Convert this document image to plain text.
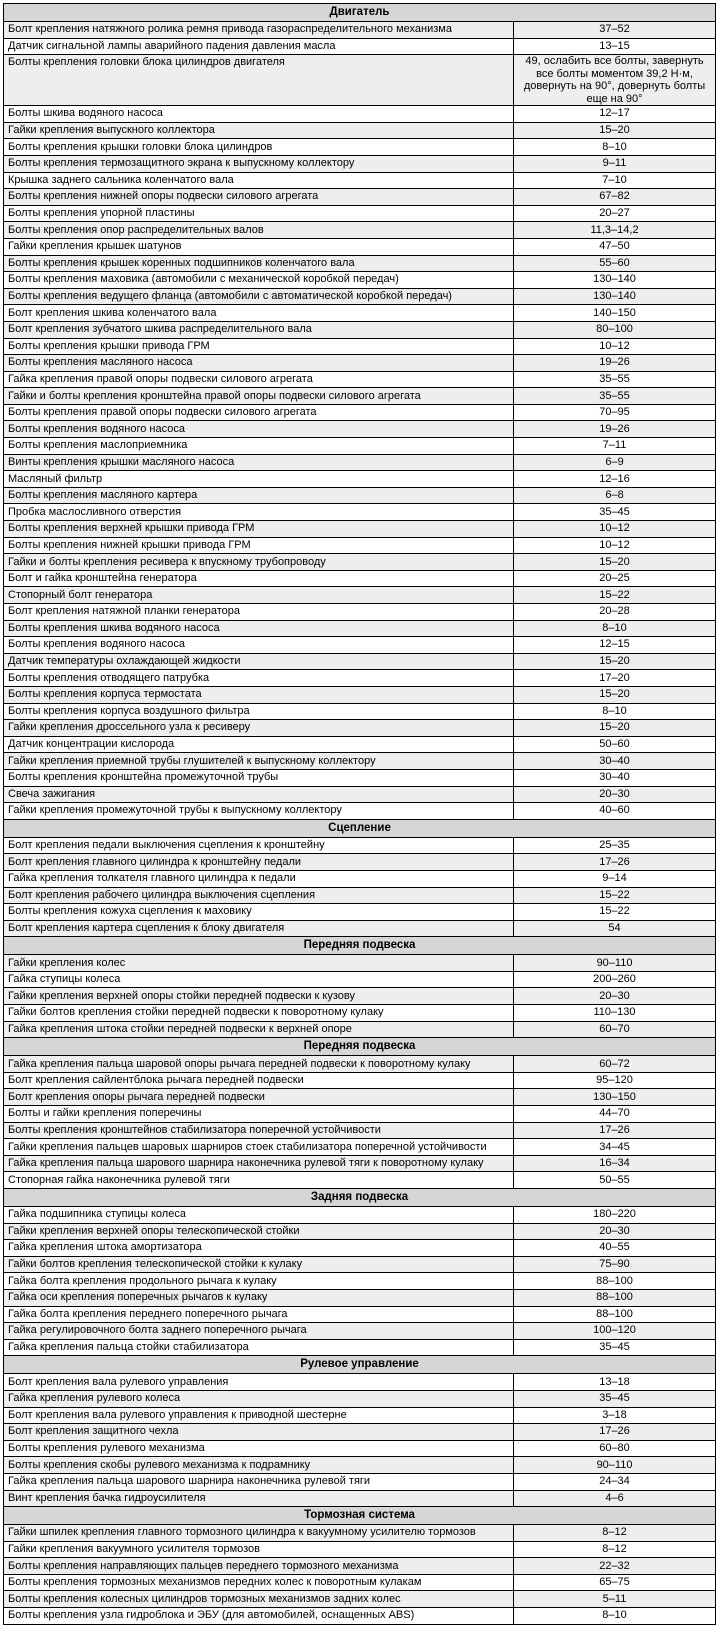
Двигатель	
Болт крепления натяжного ролика ремня привода газораспределительного механизма	37–52
Датчик сигнальной лампы аварийного падения давления масла	13–15
Болты крепления головки блока цилиндров двигателя	49, ослабить все болты, завернуть все болты моментом 39,2 Н·м, довернуть на 90°, довернуть болты еще на 90°
Болты шкива водяного насоса	12–17
Гайки крепления выпускного коллектора	15–20
Болты крепления крышки головки блока цилиндров	8–10
Болты крепления термозащитного экрана к выпускному коллектору	9–11
Крышка заднего сальника коленчатого вала	7–10
Болты крепления нижней опоры подвески силового агрегата	67–82
Болты крепления упорной пластины	20–27
Болты крепления опор распределительных валов	11,3–14,2
Гайки крепления крышек шатунов	47–50
Болты крепления крышек коренных подшипников коленчатого вала	55–60
Болты крепления маховика (автомобили с механической коробкой передач)	130–140
Болты крепления ведущего фланца (автомобили с автоматической коробкой передач)	130–140
Болт крепления шкива коленчатого вала	140–150
Болт крепления зубчатого шкива распределительного вала	80–100
Болты крепления крышки привода ГРМ	10–12
Болты крепления масляного насоса	19–26
Гайка крепления правой опоры подвески силового агрегата	35–55
Гайки и болты крепления кронштейна правой опоры подвески силового агрегата	35–55
Болты крепления правой опоры подвески силового агрегата	70–95
Болты крепления водяного насоса	19–26
Болты крепления маслоприемника	7–11
Винты крепления крышки масляного насоса	6–9
Масляный фильтр	12–16
Болты крепления масляного картера	6–8
Пробка маслосливного отверстия	35–45
Болты крепления верхней крышки привода ГРМ	10–12
Болты крепления нижней крышки привода ГРМ	10–12
Гайки и болты крепления ресивера к впускному трубопроводу	15–20
Болт и гайка кронштейна генератора	20–25
Стопорный болт генератора	15–22
Болт крепления натяжной планки генератора	20–28
Болты крепления шкива водяного насоса	8–10
Болты крепления водяного насоса	12–15
Датчик температуры охлаждающей жидкости	15–20
Болты крепления отводящего патрубка	17–20
Болты крепления корпуса термостата	15–20
Болты крепления корпуса воздушного фильтра	8–10
Гайки крепления дроссельного узла к ресиверу	15–20
Датчик концентрации кислорода	50–60
Гайки крепления приемной трубы глушителей к выпускному коллектору	30–40
Болты крепления кронштейна промежуточной трубы	30–40
Свеча зажигания	20–30
Гайки крепления промежуточной трубы к выпускному коллектору	40–60
Сцепление	
Болт крепления педали выключения сцепления к кронштейну	25–35
Болт крепления главного цилиндра к кронштейну педали	17–26
Гайка крепления толкателя главного цилиндра к педали	9–14
Болт крепления рабочего цилиндра выключения сцепления	15–22
Болты крепления кожуха сцепления к маховику	15–22
Болт крепления картера сцепления к блоку двигателя	54
Передняя подвеска	
Гайки крепления колес	90–110
Гайка ступицы колеса	200–260
Гайки крепления верхней опоры стойки передней подвески к кузову	20–30
Гайки болтов крепления стойки передней подвески к поворотному кулаку	110–130
Гайка крепления штока стойки передней подвески к верхней опоре	60–70
Передняя подвеска	
Гайка крепления пальца шаровой опоры рычага передней подвески к поворотному кулаку	60–72
Болт крепления сайлентблока рычага передней подвески	95–120
Болт крепления опоры рычага передней подвески	130–150
Болты и гайки крепления поперечины	44–70
Болты крепления кронштейнов стабилизатора поперечной устойчивости	17–26
Гайки крепления пальцев шаровых шарниров стоек стабилизатора поперечной устойчивости	34–45
Гайка крепления пальца шарового шарнира наконечника рулевой тяги к поворотному кулаку	16–34
Стопорная гайка наконечника рулевой тяги	50–55
Задняя подвеска	
Гайка подшипника ступицы колеса	180–220
Гайки крепления верхней опоры телескопической стойки	20–30
Гайка крепления штока амортизатора	40–55
Гайки болтов крепления телескопической стойки к кулаку	75–90
Гайка болта крепления продольного рычага к кулаку	88–100
Гайка оси крепления поперечных рычагов к кулаку	88–100
Гайка болта крепления переднего поперечного рычага	88–100
Гайка регулировочного болта заднего поперечного рычага	100–120
Гайка крепления пальца стойки стабилизатора	35–45
Рулевое управление	
Болт крепления вала рулевого управления	13–18
Гайка крепления рулевого колеса	35–45
Болт крепления вала рулевого управления к приводной шестерне	3–18
Болт крепления защитного чехла	17–26
Болты крепления рулевого механизма	60–80
Болты крепления скобы рулевого механизма к подрамнику	90–110
Гайка крепления пальца шарового шарнира наконечника рулевой тяги	24–34
Винт крепления бачка гидроусилителя	4–6
Тормозная система	
Гайки шпилек крепления главного тормозного цилиндра к вакуумному усилителю тормозов	8–12
Гайки крепления вакуумного усилителя тормозов	8–12
Болты крепления направляющих пальцев переднего тормозного механизма	22–32
Болты крепления тормозных механизмов передних колес к поворотным кулакам	65–75
Болты крепления колесных цилиндров тормозных механизмов задних колес	5–11
Болты крепления узла гидроблока и ЭБУ (для автомобилей, оснащенных ABS)	8–10
